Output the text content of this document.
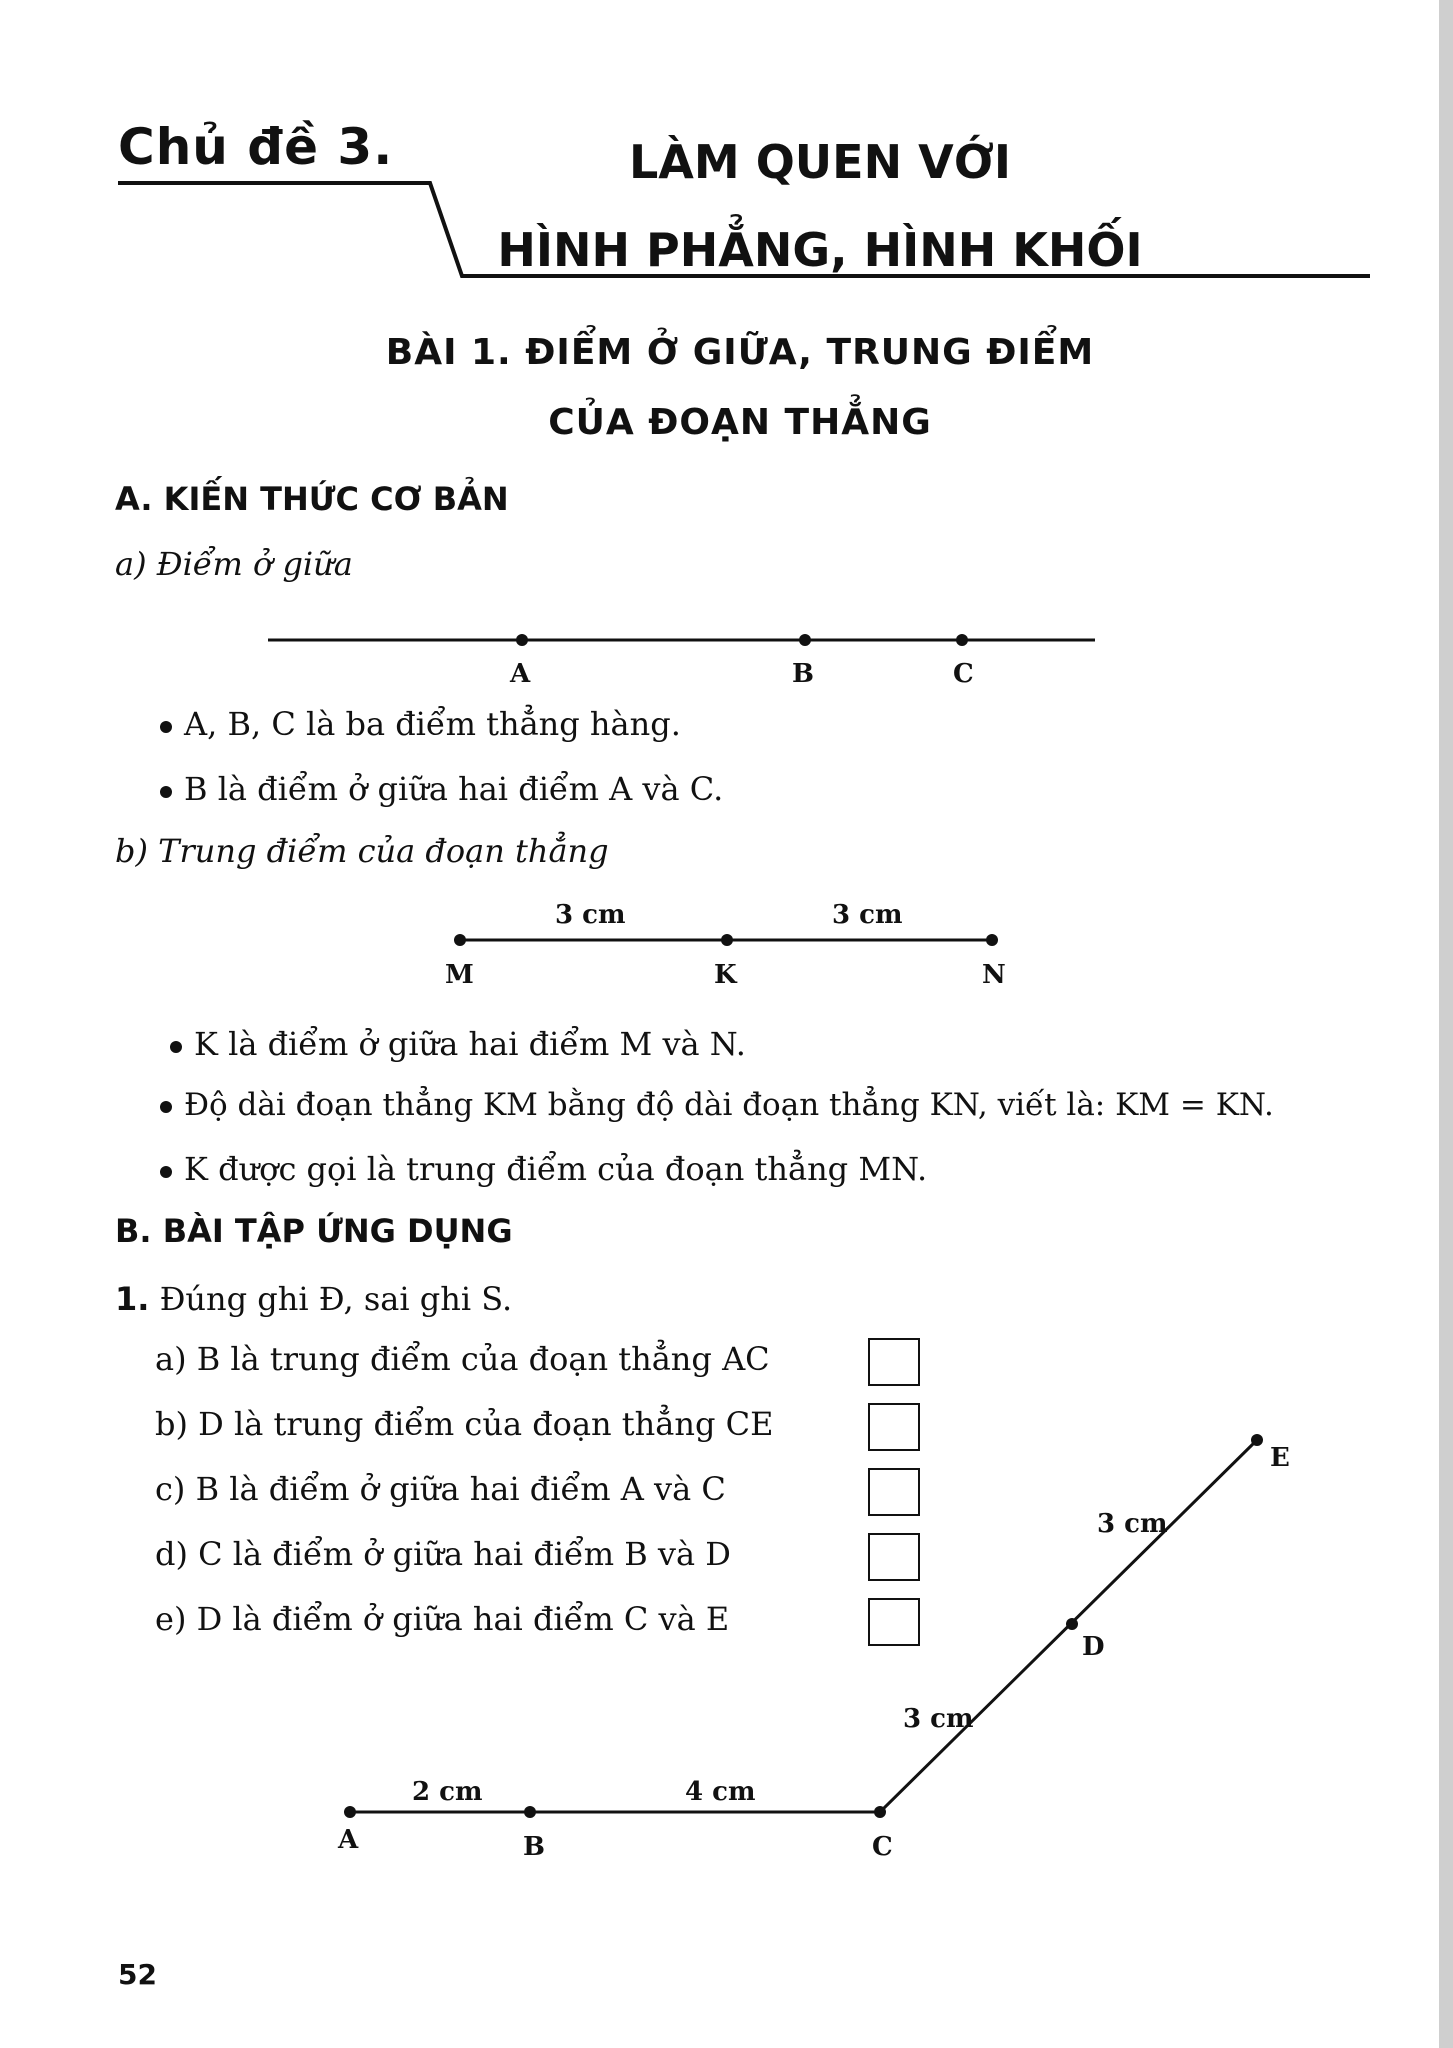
Chủ đề 3.	LÀM QUEN VỚI
HÌNH PHẲNG, HÌNH KHỐI
BÀI 1. ĐIỂM Ở GIỮA, TRUNG ĐIỂM
CỦA ĐOẠN THẲNG
A. KIẾN THỨC CƠ BẢN
a) Điểm ở giữa
A	B	C
A, B, C là ba điểm thẳng hàng.
B là điểm ở giữa hai điểm A và C.
b) Trung điểm của đoạn thẳng
3 cm	3 cm
M	K	N
K là điểm ở giữa hai điểm M và N.
Độ dài đoạn thẳng KM bằng độ dài đoạn thẳng KN, viết là: KM = KN.
K được gọi là trung điểm của đoạn thẳng MN.
B. BÀI TẬP ỨNG DỤNG
1. Đúng ghi Đ, sai ghi S.
a) B là trung điểm của đoạn thẳng AC
b) D là trung điểm của đoạn thẳng CE
c) B là điểm ở giữa hai điểm A và C
d) C là điểm ở giữa hai điểm B và D
e) D là điểm ở giữa hai điểm C và E
A	B	C
D
E
2 cm	4 cm
3 cm
3 cm
52
